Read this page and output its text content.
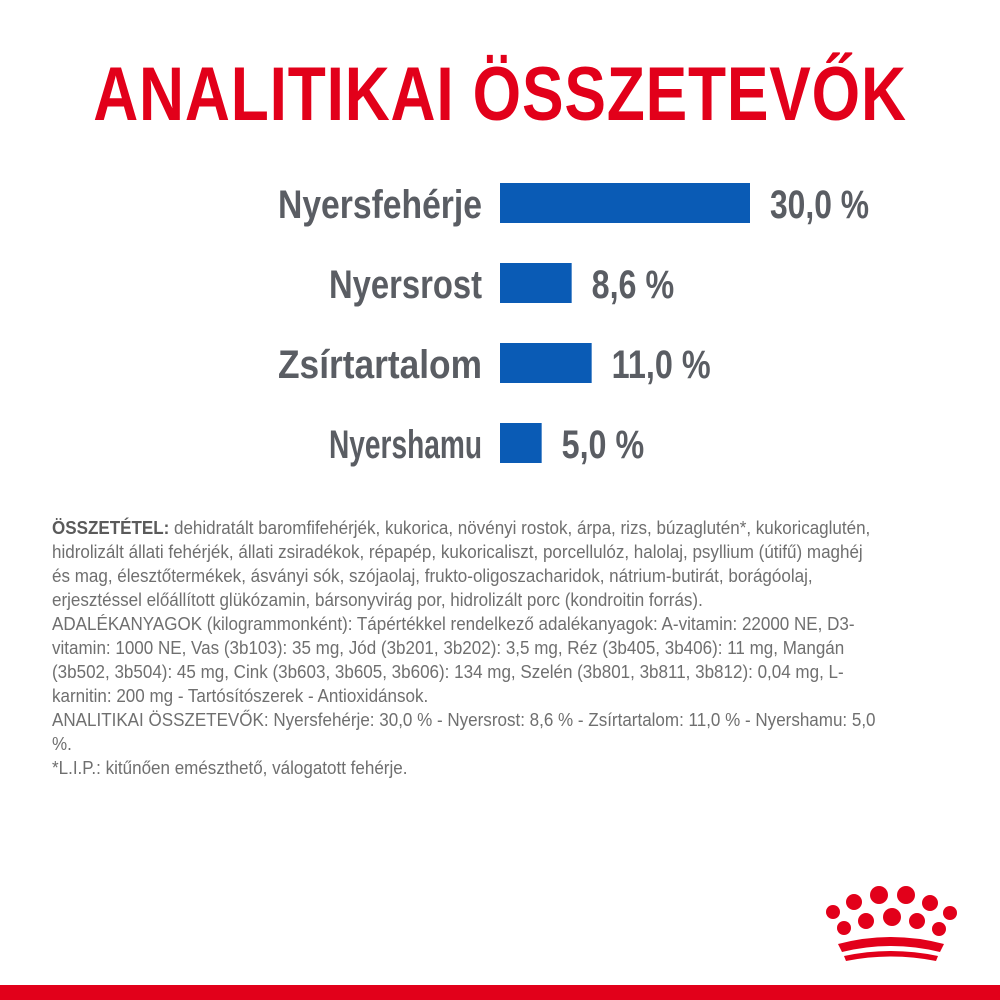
ANALITIKAI ÖSSZETEVŐK
Nyersfehérje	30,0 %
Nyersrost	8,6 %
Zsírtartalom	11,0 %
Nyershamu 5,0 %

ÖSSZETÉTEL: dehidratált baromfifehérjék, kukorica, növényi rostok, árpa, rizs, búzaglutén*, kukoricaglutén, hidrolizált állati fehérjék, állati zsiradékok, répapép, kukoricaliszt, porcellulóz, halolaj, psyllium (útifű) maghéj és mag, élesztőtermékek, ásványi sók, szójaolaj, frukto-oligoszacharidok, nátrium-butirát, borágóolaj, erjesztéssel előállított glükózamin, bársonyvirág por, hidrolizált porc (kondroitin forrás).

ADALÉKANYAGOK (kilogrammonként): Tápértékkel rendelkező adalékanyagok: A-vitamin: 22000 NE, D3-vitamin: 1000 NE, Vas (3b103): 35 mg, Jód (3b201, 3b202): 3,5 mg, Réz (3b405, 3b406): 11 mg, Mangán (3b502, 3b504): 45 mg, Cink (3b603, 3b605, 3b606): 134 mg, Szelén (3b801, 3b811, 3b812): 0,04 mg, L-karnitin: 200 mg - Tartósítószerek - Antioxidánsok.

ANALITIKAI ÖSSZETEVŐK: Nyersfehérje: 30,0 % - Nyersrost: 8,6 % - Zsírtartalom: 11,0 % - Nyershamu: 5,0 %.

*L.I.P.: kitűnően emészthető, válogatott fehérje.
